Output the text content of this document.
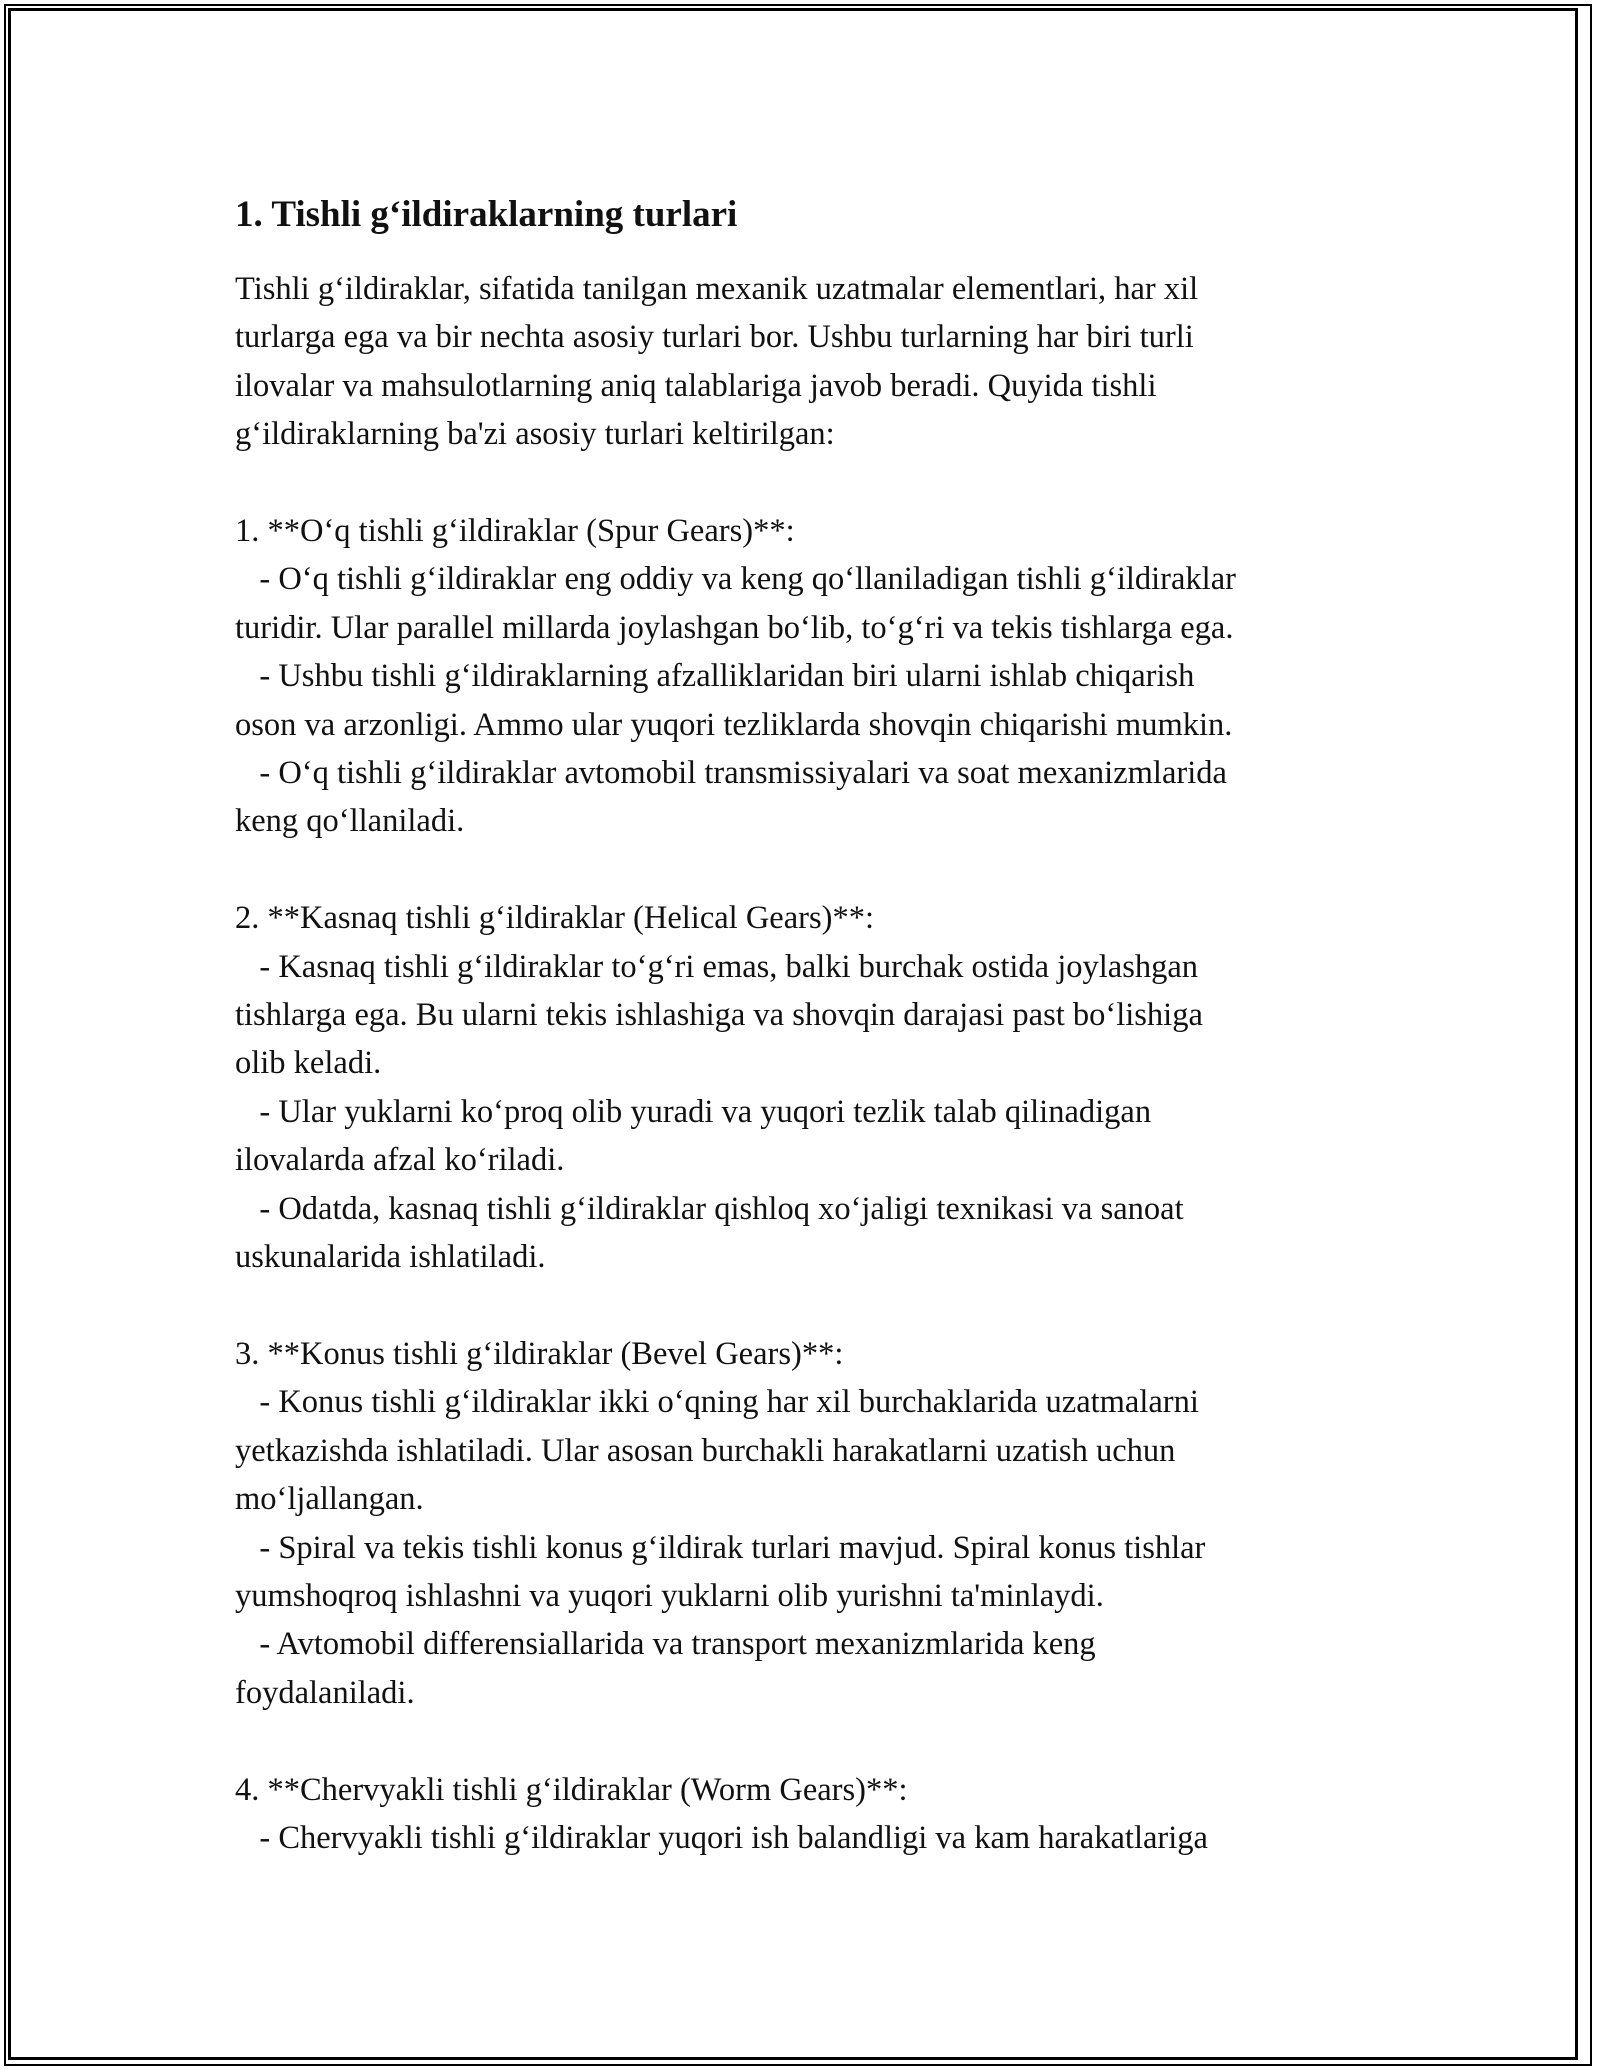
1. Tishli g‘ildiraklarning turlari

Tishli g‘ildiraklar, sifatida tanilgan mexanik uzatmalar elementlari, har xil

turlarga ega va bir nechta asosiy turlari bor. Ushbu turlarning har biri turli

ilovalar va mahsulotlarning aniq talablariga javob beradi. Quyida tishli

g‘ildiraklarning ba'zi asosiy turlari keltirilgan:

1. **O‘q tishli g‘ildiraklar (Spur Gears)**:

- O‘q tishli g‘ildiraklar eng oddiy va keng qo‘llaniladigan tishli g‘ildiraklar

turidir. Ular parallel millarda joylashgan bo‘lib, to‘g‘ri va tekis tishlarga ega.

- Ushbu tishli g‘ildiraklarning afzalliklaridan biri ularni ishlab chiqarish

oson va arzonligi. Ammo ular yuqori tezliklarda shovqin chiqarishi mumkin.

- O‘q tishli g‘ildiraklar avtomobil transmissiyalari va soat mexanizmlarida

keng qo‘llaniladi.

2. **Kasnaq tishli g‘ildiraklar (Helical Gears)**:

- Kasnaq tishli g‘ildiraklar to‘g‘ri emas, balki burchak ostida joylashgan

tishlarga ega. Bu ularni tekis ishlashiga va shovqin darajasi past bo‘lishiga

olib keladi.

- Ular yuklarni ko‘proq olib yuradi va yuqori tezlik talab qilinadigan

ilovalarda afzal ko‘riladi.

- Odatda, kasnaq tishli g‘ildiraklar qishloq xo‘jaligi texnikasi va sanoat

uskunalarida ishlatiladi.

3. **Konus tishli g‘ildiraklar (Bevel Gears)**:

- Konus tishli g‘ildiraklar ikki o‘qning har xil burchaklarida uzatmalarni

yetkazishda ishlatiladi. Ular asosan burchakli harakatlarni uzatish uchun

mo‘ljallangan.

- Spiral va tekis tishli konus g‘ildirak turlari mavjud. Spiral konus tishlar

yumshoqroq ishlashni va yuqori yuklarni olib yurishni ta'minlaydi.

- Avtomobil differensiallarida va transport mexanizmlarida keng

foydalaniladi.

4. **Chervyakli tishli g‘ildiraklar (Worm Gears)**:

- Chervyakli tishli g‘ildiraklar yuqori ish balandligi va kam harakatlariga
